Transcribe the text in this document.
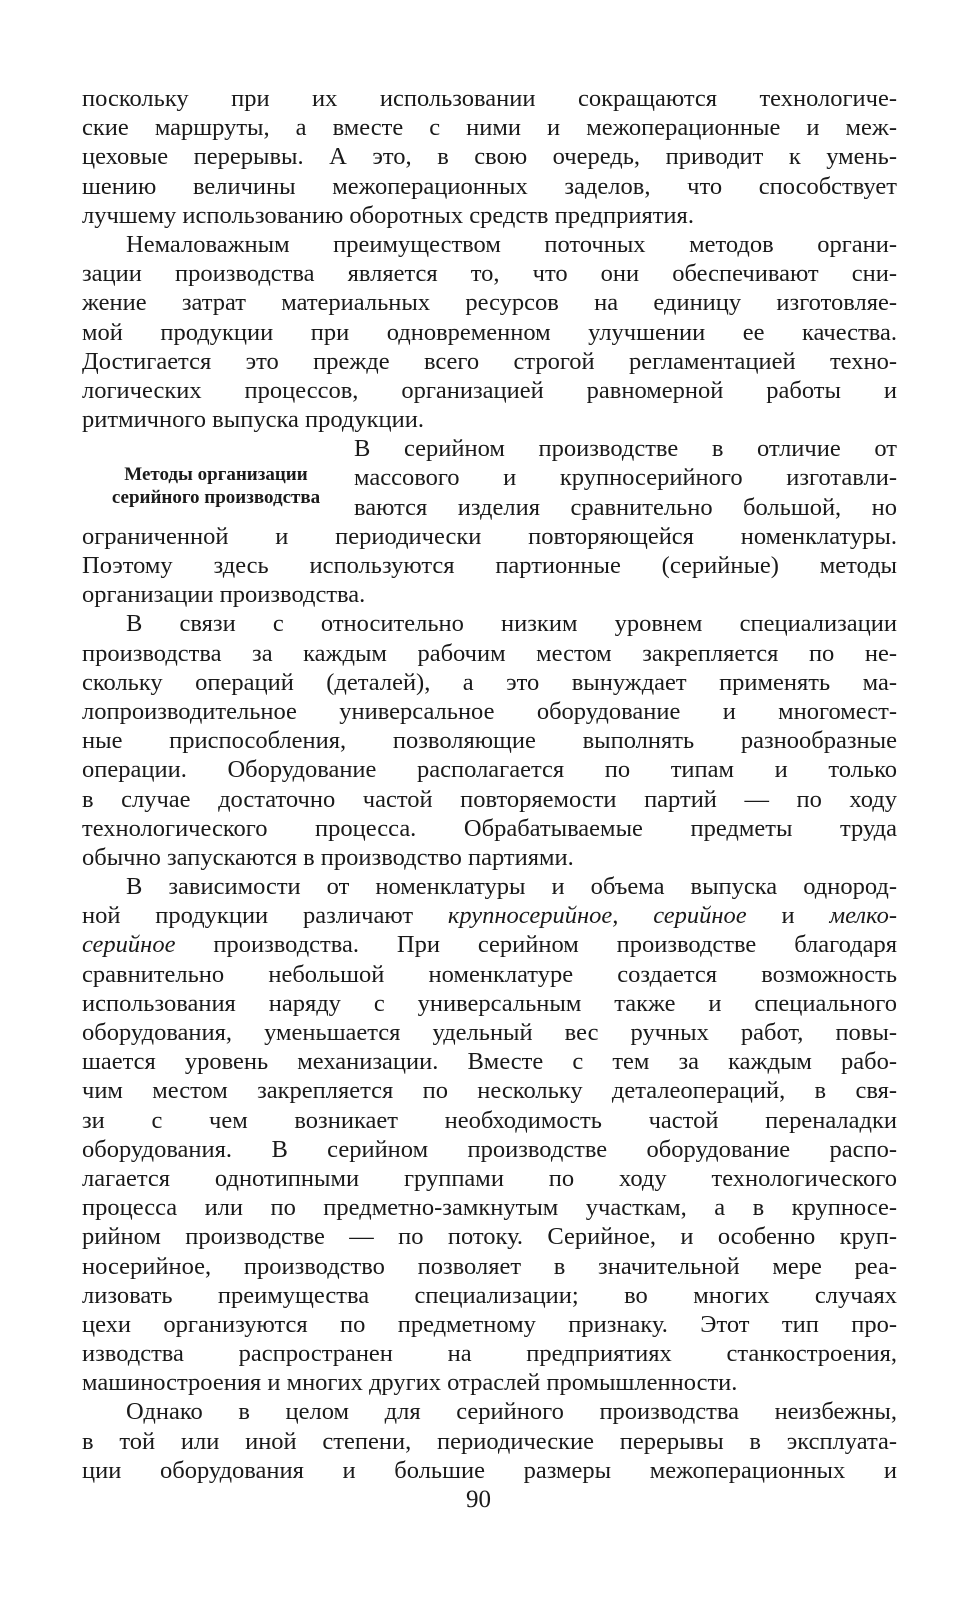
поскольку при их использовании сокращаются технологиче-
ские маршруты, а вместе с ними и межоперационные и меж-
цеховые перерывы. А это, в свою очередь, приводит к умень-
шению величины межоперационных заделов, что способствует
лучшему использованию оборотных средств предприятия.
Немаловажным преимуществом поточных методов органи-
зации производства является то, что они обеспечивают сни-
жение затрат материальных ресурсов на единицу изготовляе-
мой продукции при одновременном улучшении ее качества.
Достигается это прежде всего строгой регламентацией техно-
логических процессов, организацией равномерной работы и
ритмичного выпуска продукции.
Методы организации
серийного производства
В серийном производстве в отличие от
массового и крупносерийного изготавли-
ваются изделия сравнительно большой, но
ограниченной и периодически повторяющейся номенклатуры.
Поэтому здесь используются партионные (серийные) методы
организации производства.
В связи с относительно низким уровнем специализации
производства за каждым рабочим местом закрепляется по не-
скольку операций (деталей), а это вынуждает применять ма-
лопроизводительное универсальное оборудование и многомест-
ные приспособления, позволяющие выполнять разнообразные
операции. Оборудование располагается по типам и только
в случае достаточно частой повторяемости партий — по ходу
технологического процесса. Обрабатываемые предметы труда
обычно запускаются в производство партиями.
В зависимости от номенклатуры и объема выпуска однород-
ной продукции различают крупносерийное, серийное и мелко-
серийное производства. При серийном производстве благодаря
сравнительно небольшой номенклатуре создается возможность
использования наряду с универсальным также и специального
оборудования, уменьшается удельный вес ручных работ, повы-
шается уровень механизации. Вместе с тем за каждым рабо-
чим местом закрепляется по нескольку деталеопераций, в свя-
зи с чем возникает необходимость частой переналадки
оборудования. В серийном производстве оборудование распо-
лагается однотипными группами по ходу технологического
процесса или по предметно-замкнутым участкам, а в крупносе-
рийном производстве — по потоку. Серийное, и особенно круп-
носерийное, производство позволяет в значительной мере реа-
лизовать преимущества специализации; во многих случаях
цехи организуются по предметному признаку. Этот тип про-
изводства распространен на предприятиях станкостроения,
машиностроения и многих других отраслей промышленности.
Однако в целом для серийного производства неизбежны,
в той или иной степени, периодические перерывы в эксплуата-
ции оборудования и большие размеры межоперационных и
90
